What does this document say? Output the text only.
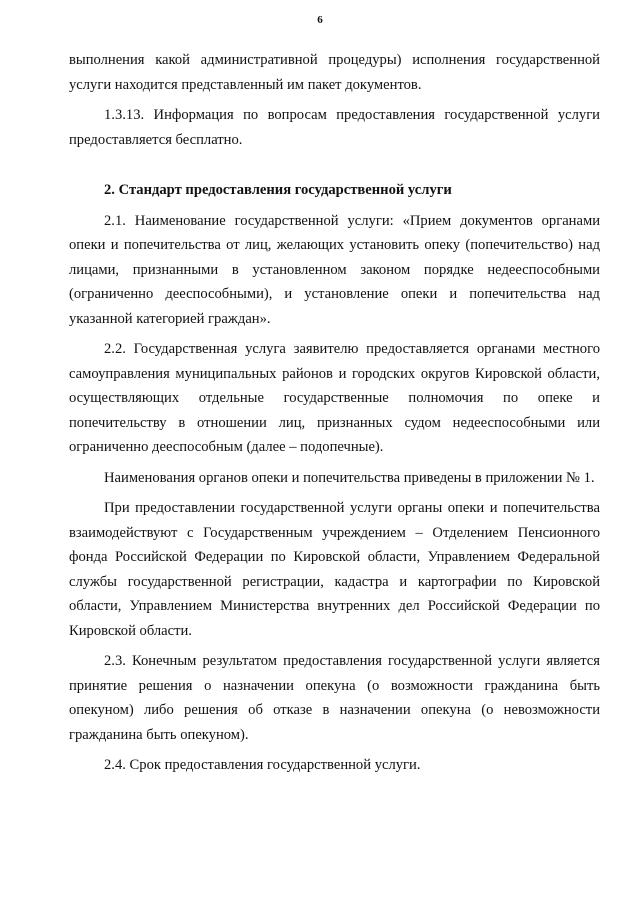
6

выполнения какой административной процедуры) исполнения государственной услуги находится представленный им пакет документов.

1.3.13. Информация по вопросам предоставления государственной услуги предоставляется бесплатно.

2. Стандарт предоставления государственной услуги

2.1. Наименование государственной услуги: «Прием документов органами опеки и попечительства от лиц, желающих установить опеку (попечительство) над лицами, признанными в установленном законом порядке недееспособными (ограниченно дееспособными), и установление опеки и попечительства над указанной категорией граждан».

2.2. Государственная услуга заявителю предоставляется органами местного самоуправления муниципальных районов и городских округов Кировской области, осуществляющих отдельные государственные полномочия по опеке и попечительству в отношении лиц, признанных судом недееспособными или ограниченно дееспособным (далее – подопечные).

Наименования органов опеки и попечительства приведены в приложении № 1.

При предоставлении государственной услуги органы опеки и попечительства взаимодействуют с Государственным учреждением – Отделением Пенсионного фонда Российской Федерации по Кировской области, Управлением Федеральной службы государственной регистрации, кадастра и картографии по Кировской области, Управлением Министерства внутренних дел Российской Федерации по Кировской области.

2.3. Конечным результатом предоставления государственной услуги является принятие решения о назначении опекуна (о возможности гражданина быть опекуном) либо решения об отказе в назначении опекуна (о невозможности гражданина быть опекуном).

2.4. Срок предоставления государственной услуги.
